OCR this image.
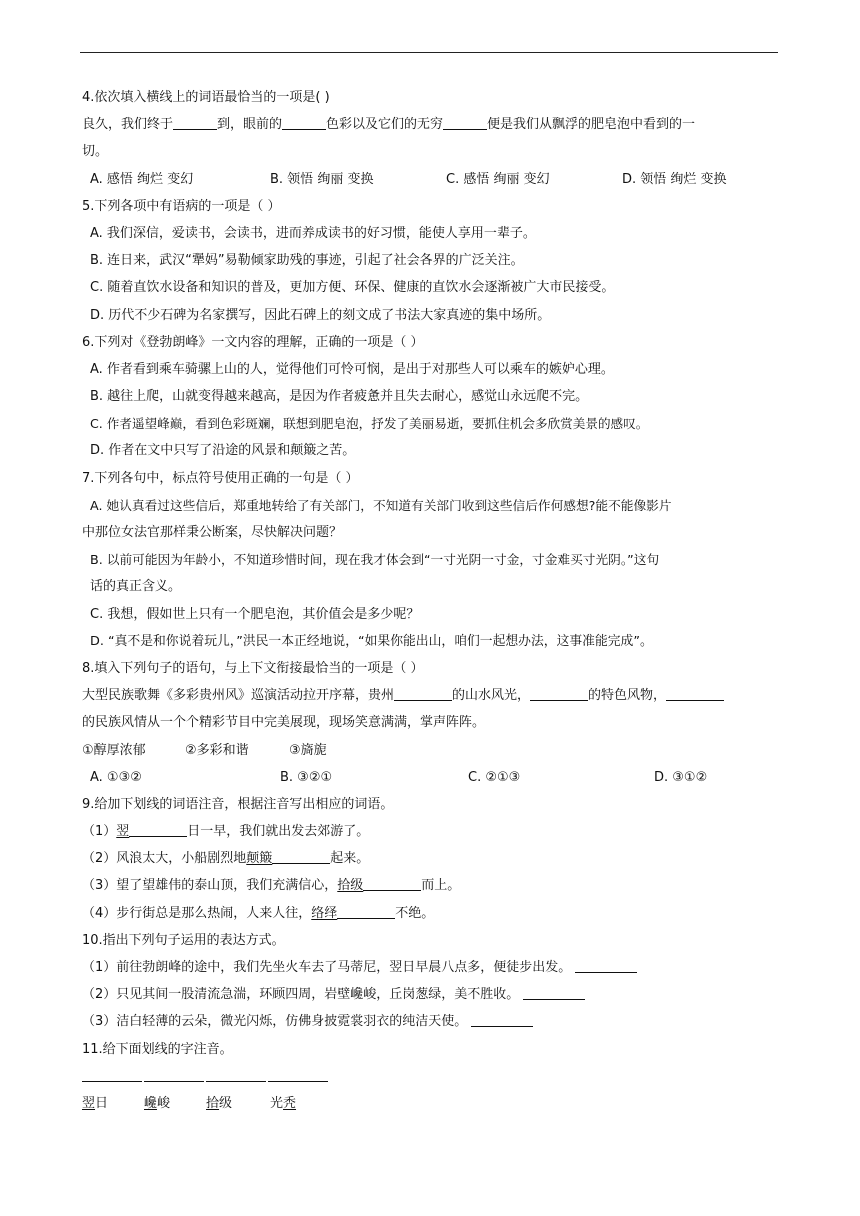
4.依次填入横线上的词语最恰当的一项是( )
良久，我们终于	到，眼前的	色彩以及它们的无穷	便是我们从飘浮的肥皂泡中看到的一
切。
A. 感悟 绚烂 变幻	B. 领悟 绚丽 变换	C. 感悟 绚丽 变幻	D. 领悟 绚烂 变换
5.下列各项中有语病的一项是（ ）
A. 我们深信，爱读书，会读书，进而养成读书的好习惯，能使人享用一辈子。
B. 连日来，武汉“犟妈”易勒倾家助残的事迹，引起了社会各界的广泛关注。
C. 随着直饮水设备和知识的普及，更加方便、环保、健康的直饮水会逐渐被广大市民接受。
D. 历代不少石碑为名家撰写，因此石碑上的刻文成了书法大家真迹的集中场所。
6.下列对《登勃朗峰》一文内容的理解，正确的一项是（ ）
A. 作者看到乘车骑骡上山的人，觉得他们可怜可悯，是出于对那些人可以乘车的嫉妒心理。
B. 越往上爬，山就变得越来越高，是因为作者疲惫并且失去耐心，感觉山永远爬不完。
C. 作者遥望峰巅，看到色彩斑斓，联想到肥皂泡，抒发了美丽易逝，要抓住机会多欣赏美景的感叹。
D. 作者在文中只写了沿途的风景和颠簸之苦。
7.下列各句中，标点符号使用正确的一句是（ ）
A. 她认真看过这些信后，郑重地转给了有关部门，不知道有关部门收到这些信后作何感想?能不能像影片
中那位女法官那样秉公断案，尽快解决问题？
B. 以前可能因为年龄小，不知道珍惜时间，现在我才体会到“一寸光阴一寸金，寸金难买寸光阴。”这句
话的真正含义。
C. 我想，假如世上只有一个肥皂泡，其价值会是多少呢？
D. “真不是和你说着玩儿，”洪民一本正经地说，“如果你能出山，咱们一起想办法，这事准能完成”。
8.填入下列句子的语句，与上下文衔接最恰当的一项是（ ）
大型民族歌舞《多彩贵州风》巡演活动拉开序幕，贵州	的山水风光，	的特色风物，
的民族风情从一个个精彩节目中完美展现，现场笑意满满，掌声阵阵。
①醇厚浓郁	②多彩和谐	③旖旎
A. ①③②	B. ③②①	C. ②①③	D. ③①②
9.给加下划线的词语注音，根据注音写出相应的词语。
（1）翌	日一早，我们就出发去郊游了。
（2）风浪太大，小船剧烈地颠簸	起来。
（3）望了望雄伟的泰山顶，我们充满信心，拾级	而上。
（4）步行街总是那么热闹，人来人往，络绎	不绝。
10.指出下列句子运用的表达方式。
（1）前往勃朗峰的途中，我们先坐火车去了马蒂尼，翌日早晨八点多，便徒步出发。
（2）只见其间一股清流急湍，环顾四周，岩壁巉峻，丘岗葱绿，美不胜收。
（3）洁白轻薄的云朵，微光闪烁，仿佛身披霓裳羽衣的纯洁天使。
11.给下面划线的字注音。
翌日	巉峻	拾级	光秃
